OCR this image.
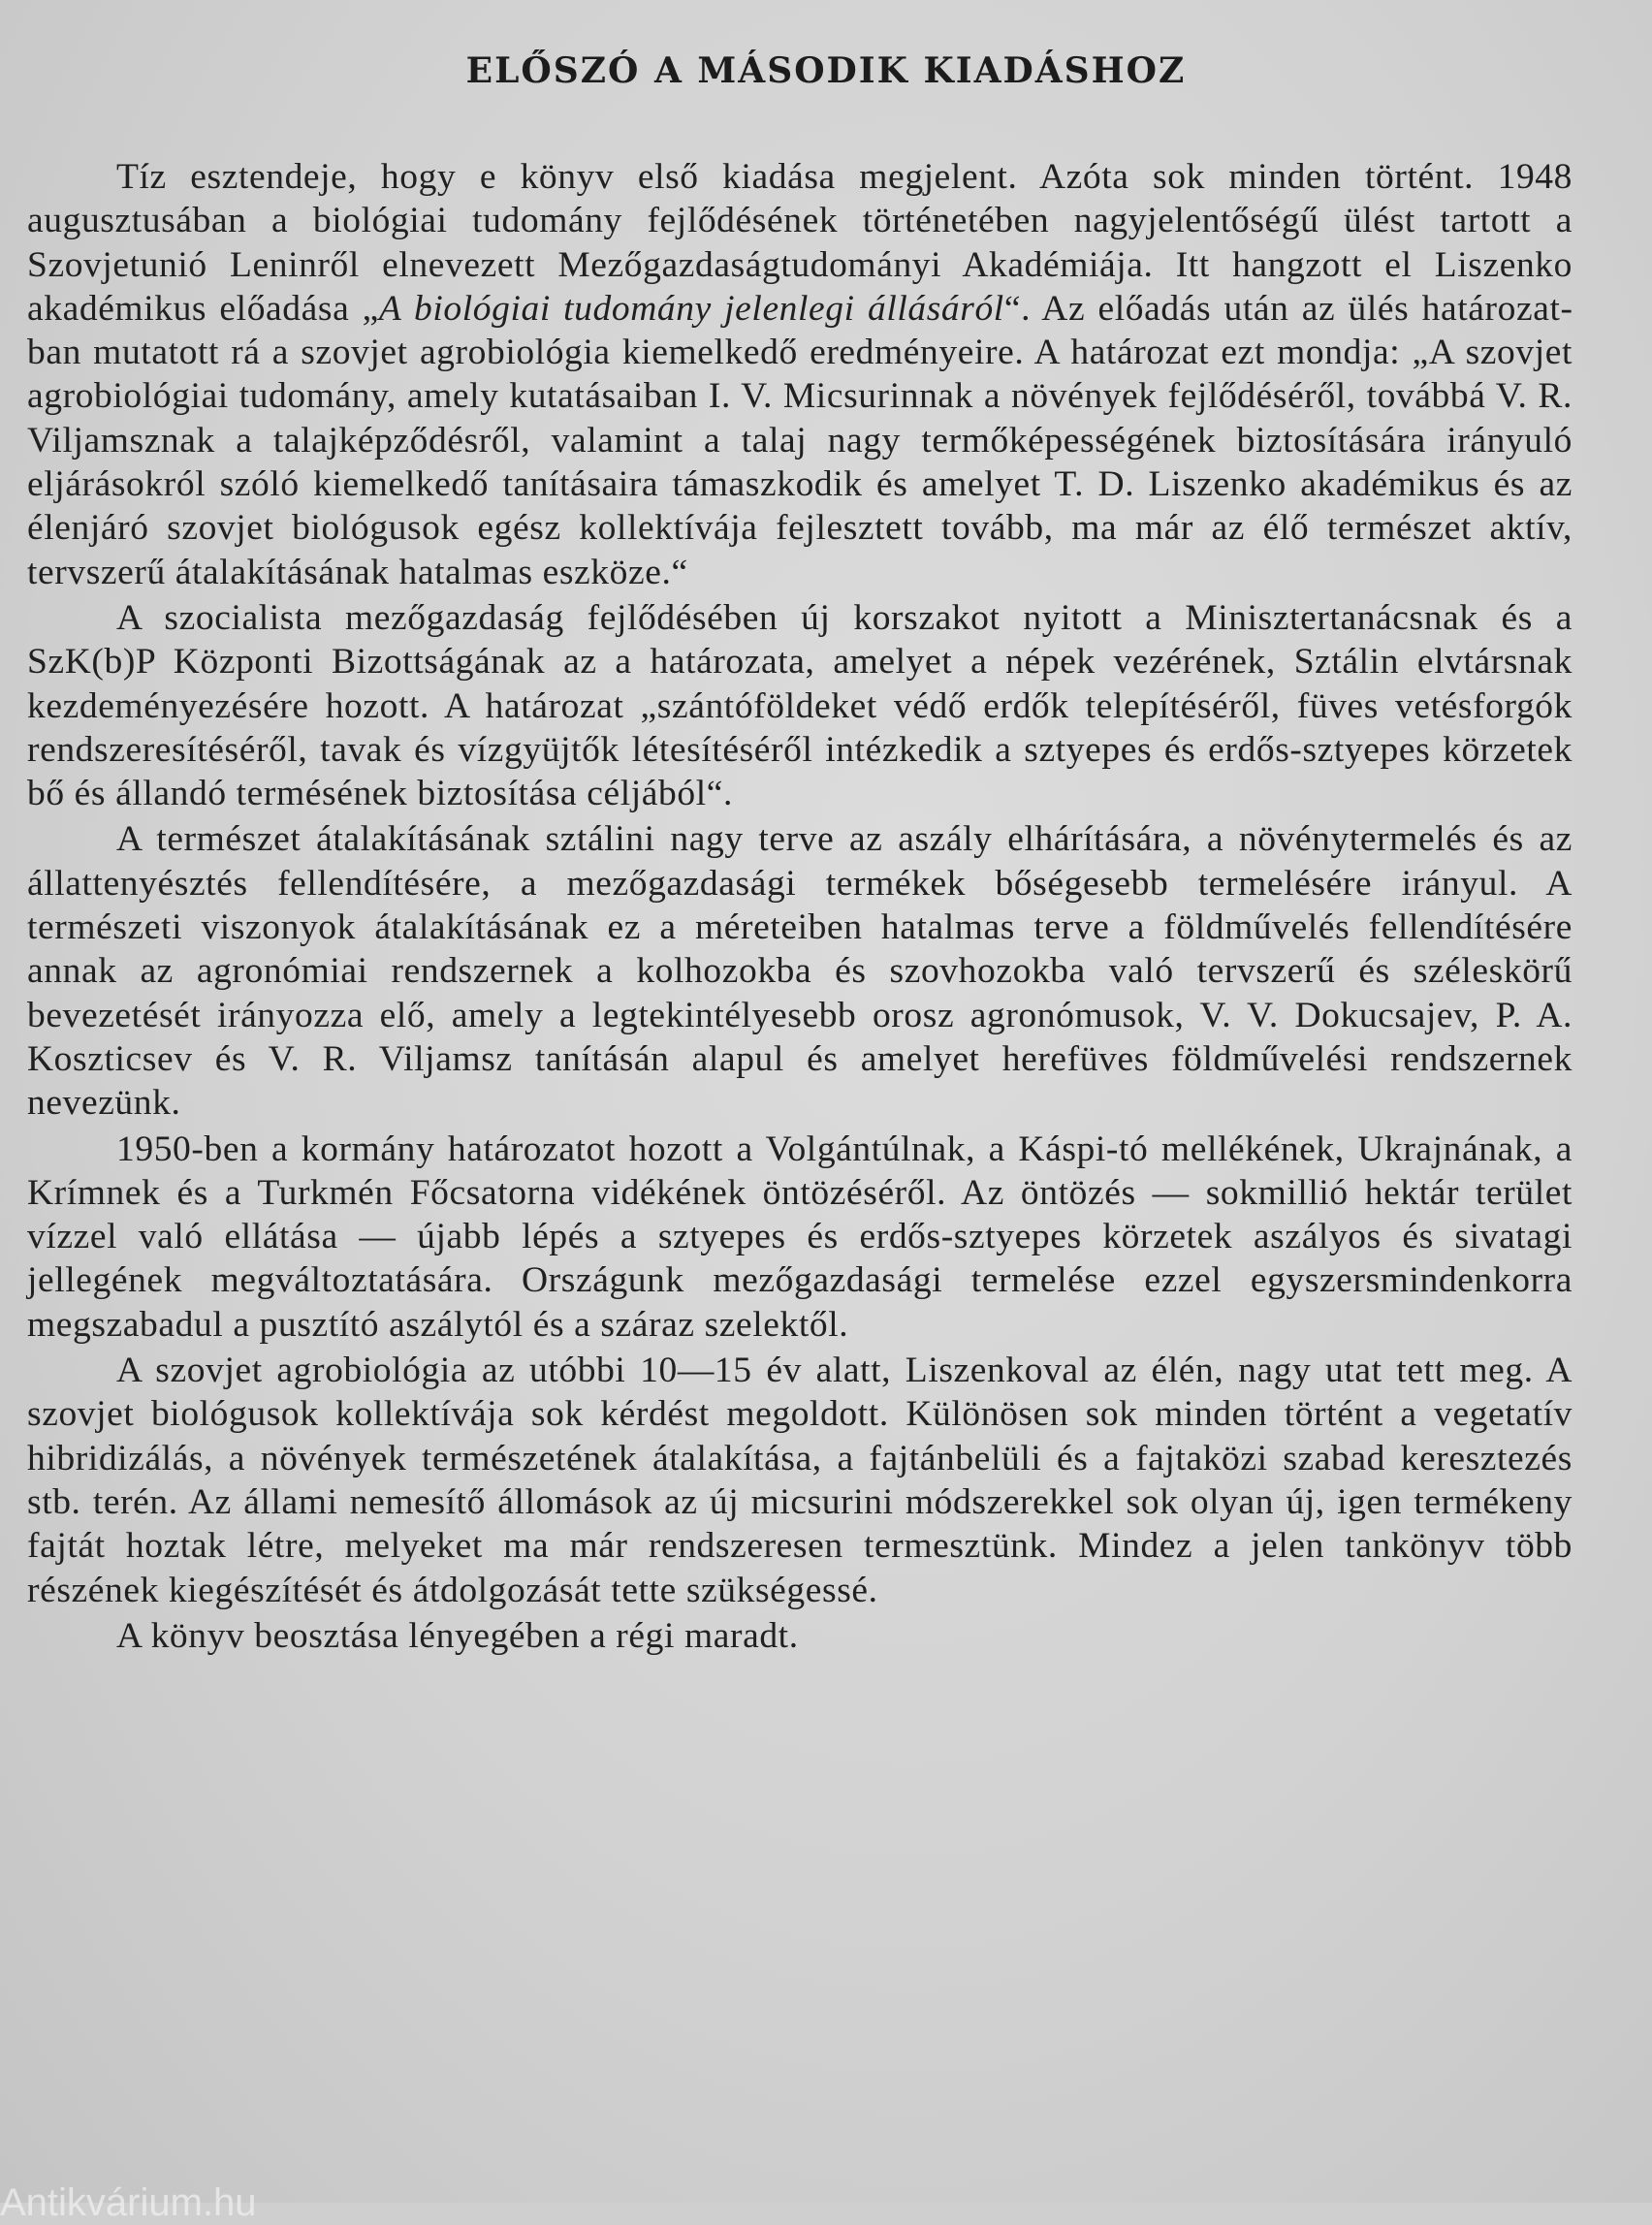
ELŐSZÓ A MÁSODIK KIADÁSHOZ

Tíz esztendeje, hogy e könyv első kiadása megjelent. Azóta sok minden történt. 1948 augusztusában a biológiai tudomány fejlődésének történetében nagyjelentőségű ülést tartott a Szovjetunió Leninről elnevezett Mezőgazdaságtudományi Akadémiája. Itt hangzott el Liszenko akadémikus előadása „A biológiai tudomány jelenlegi állásáról“. Az előadás után az ülés határozatban mutatott rá a szovjet agrobiológia kiemelkedő eredményeire. A határozat ezt mondja: „A szovjet agrobiológiai tudomány, amely kutatásaiban I. V. Micsurinnak a növények fejlődéséről, továbbá V. R. Viljamsznak a talajképződésről, valamint a talaj nagy termőképességének biztosítására irányuló eljárásokról szóló kiemelkedő tanításaira támaszkodik és amelyet T. D. Liszenko akadémikus és az élenjáró szovjet biológusok egész kollektívája fejlesztett tovább, ma már az élő természet aktív, tervszerű átalakításának hatalmas eszköze.“

A szocialista mezőgazdaság fejlődésében új korszakot nyitott a Minisztertanácsnak és a SzK(b)P Központi Bizottságának az a határozata, amelyet a népek vezérének, Sztálin elvtársnak kezdeményezésére hozott. A határozat „szántóföldeket védő erdők telepítéséről, füves vetésforgók rendszeresítéséről, tavak és vízgyüjtők létesítéséről intézkedik a sztyepes és erdős-sztyepes körzetek bő és állandó termésének biztosítása céljából“.

A természet átalakításának sztálini nagy terve az aszály elhárítására, a növénytermelés és az állattenyésztés fellendítésére, a mezőgazdasági termékek bőségesebb termelésére irányul. A természeti viszonyok átalakításának ez a méreteiben hatalmas terve a földművelés fellendítésére annak az agronómiai rendszernek a kolhozokba és szovhozokba való tervszerű és széleskörű bevezetését irányozza elő, amely a legtekintélyesebb orosz agronómusok, V. V. Dokucsajev, P. A. Koszticsev és V. R. Viljamsz tanításán alapul és amelyet herefüves földművelési rendszernek nevezünk.

1950-ben a kormány határozatot hozott a Volgántúlnak, a Káspi-tó mellékének, Ukrajnának, a Krímnek és a Turkmén Főcsatorna vidékének öntözéséről. Az öntözés — sokmillió hektár terület vízzel való ellátása — újabb lépés a sztyepes és erdős-sztyepes körzetek aszályos és sivatagi jellegének megváltoztatására. Országunk mezőgazdasági termelése ezzel egyszersmindenkorra megszabadul a pusztító aszálytól és a száraz szelektől.

A szovjet agrobiológia az utóbbi 10—15 év alatt, Liszenkoval az élén, nagy utat tett meg. A szovjet biológusok kollektívája sok kérdést megoldott. Különösen sok minden történt a vegetatív hibridizálás, a növények természetének átalakítása, a fajtánbelüli és a fajtaközi szabad keresztezés stb. terén. Az állami nemesítő állomások az új micsurini módszerekkel sok olyan új, igen termékeny fajtát hoztak létre, melyeket ma már rendszeresen termesztünk. Mindez a jelen tankönyv több részének kiegészítését és átdolgozását tette szükségessé.

A könyv beosztása lényegében a régi maradt.

Antikvárium.hu
